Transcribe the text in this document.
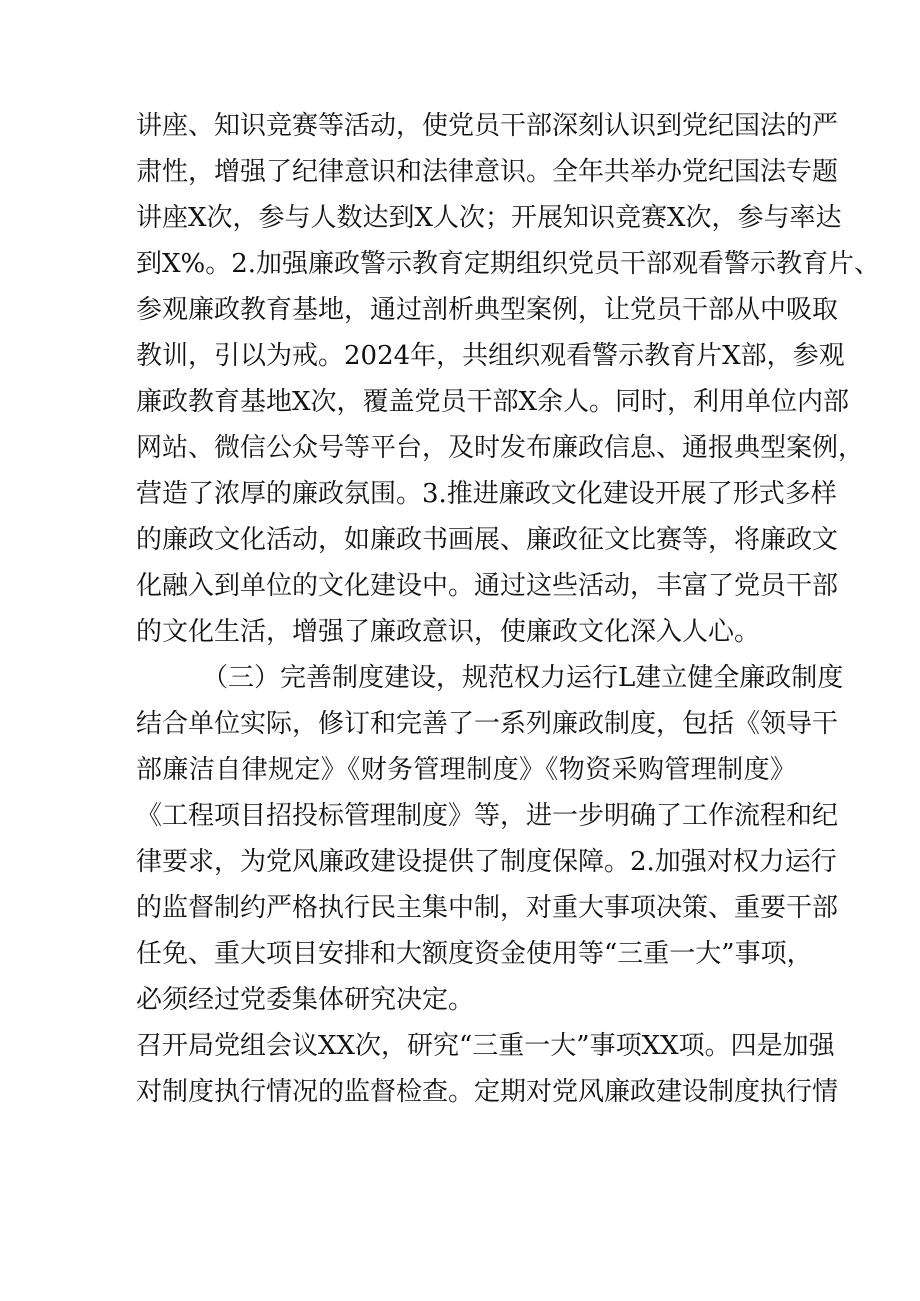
讲座、知识竞赛等活动，使党员干部深刻认识到党纪国法的严
肃性，增强了纪律意识和法律意识。全年共举办党纪国法专题
讲座X次，参与人数达到X人次；开展知识竞赛X次，参与率达
到X%。2.加强廉政警示教育定期组织党员干部观看警示教育片、
参观廉政教育基地，通过剖析典型案例，让党员干部从中吸取
教训，引以为戒。2024年，共组织观看警示教育片X部，参观
廉政教育基地X次，覆盖党员干部X余人。同时，利用单位内部
网站、微信公众号等平台，及时发布廉政信息、通报典型案例，
营造了浓厚的廉政氛围。3.推进廉政文化建设开展了形式多样
的廉政文化活动，如廉政书画展、廉政征文比赛等，将廉政文
化融入到单位的文化建设中。通过这些活动，丰富了党员干部
的文化生活，增强了廉政意识，使廉政文化深入人心。
（三）完善制度建设，规范权力运行L建立健全廉政制度
结合单位实际，修订和完善了一系列廉政制度，包括《领导干
部廉洁自律规定》《财务管理制度》《物资采购管理制度》
《工程项目招投标管理制度》等，进一步明确了工作流程和纪
律要求，为党风廉政建设提供了制度保障。2.加强对权力运行
的监督制约严格执行民主集中制，对重大事项决策、重要干部
任免、重大项目安排和大额度资金使用等“三重一大”事项，
必须经过党委集体研究决定。
召开局党组会议XX次，研究“三重一大”事项XX项。四是加强
对制度执行情况的监督检查。定期对党风廉政建设制度执行情
